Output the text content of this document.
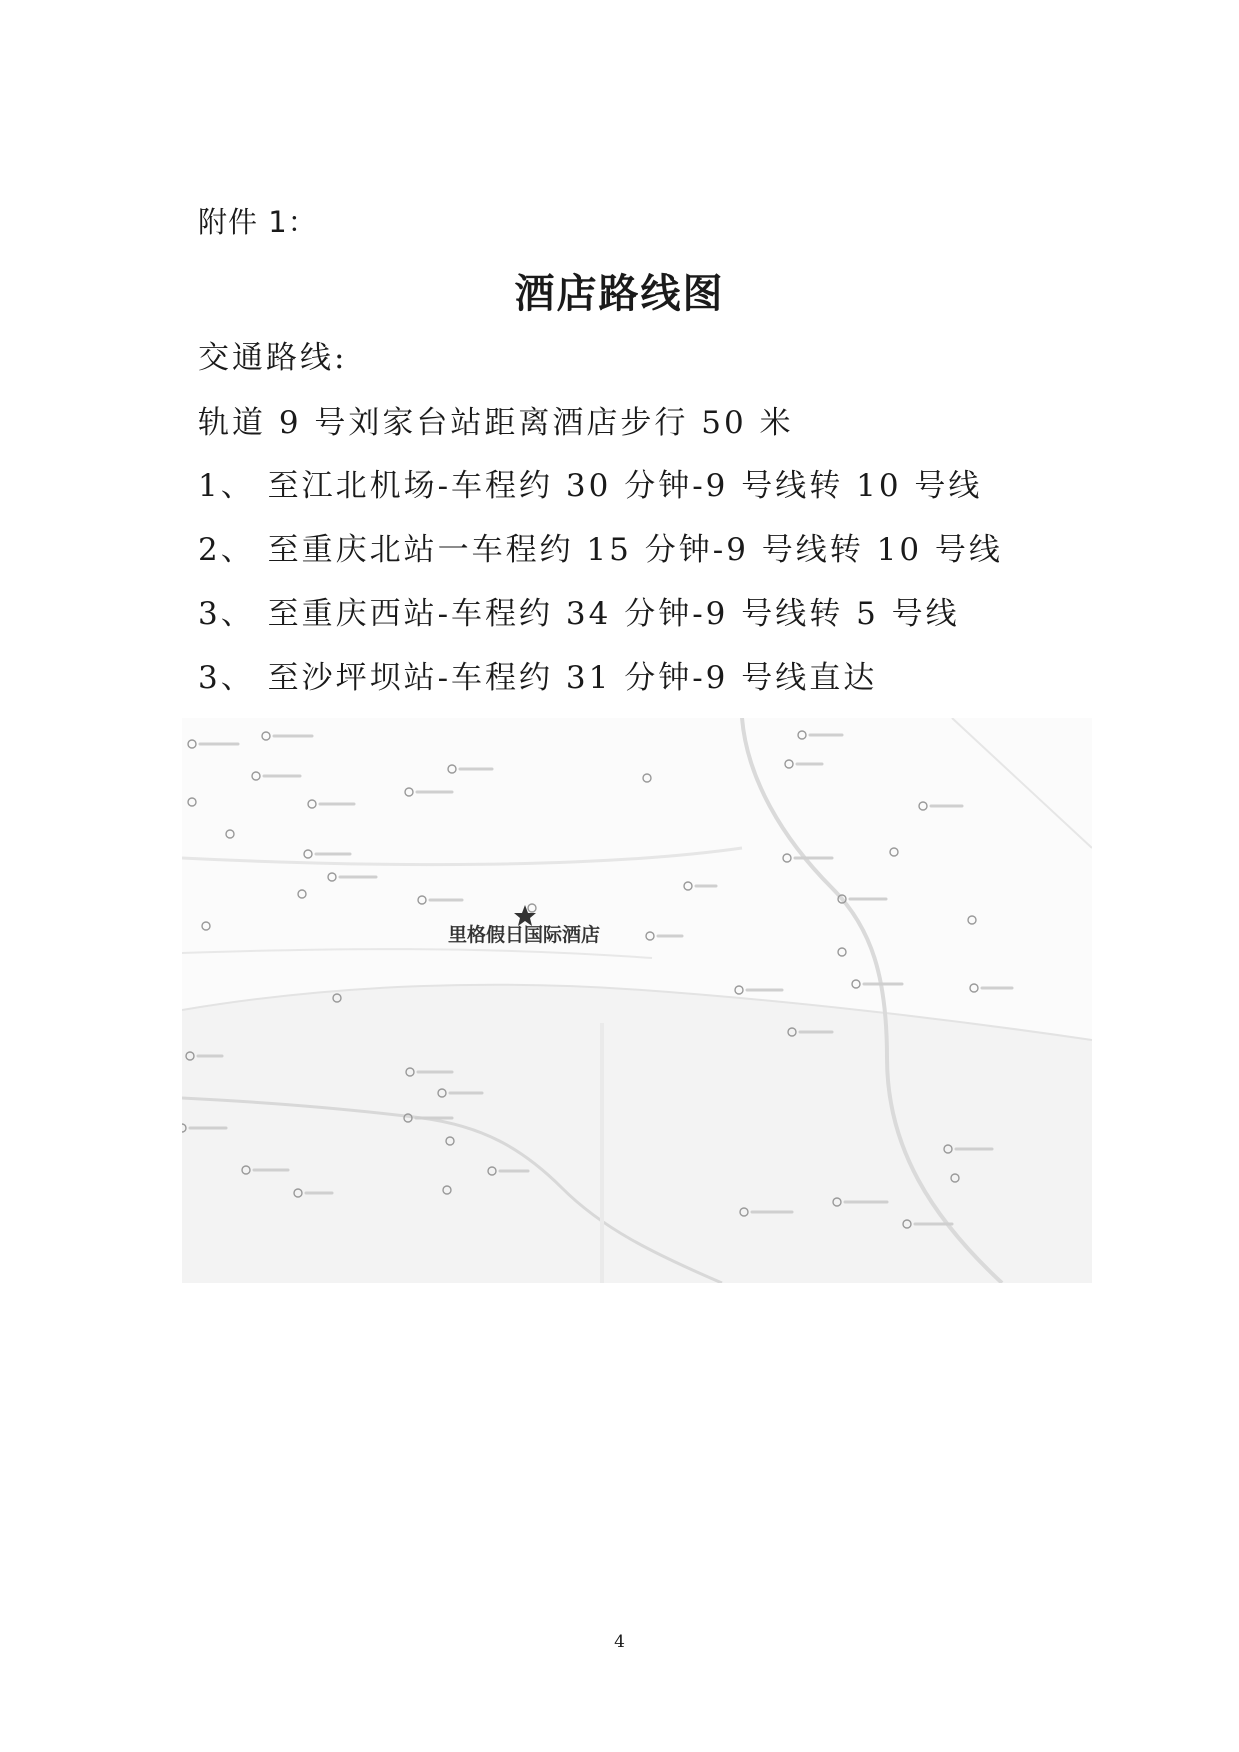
附件 1：
酒店路线图
交通路线:
轨道 9 号刘家台站距离酒店步行 50 米
1、 至江北机场-车程约 30 分钟-9 号线转 10 号线
2、 至重庆北站一车程约 15 分钟-9 号线转 10 号线
3、 至重庆西站-车程约 34 分钟-9 号线转 5 号线
3、 至沙坪坝站-车程约 31 分钟-9 号线直达
里格假日国际酒店
4
